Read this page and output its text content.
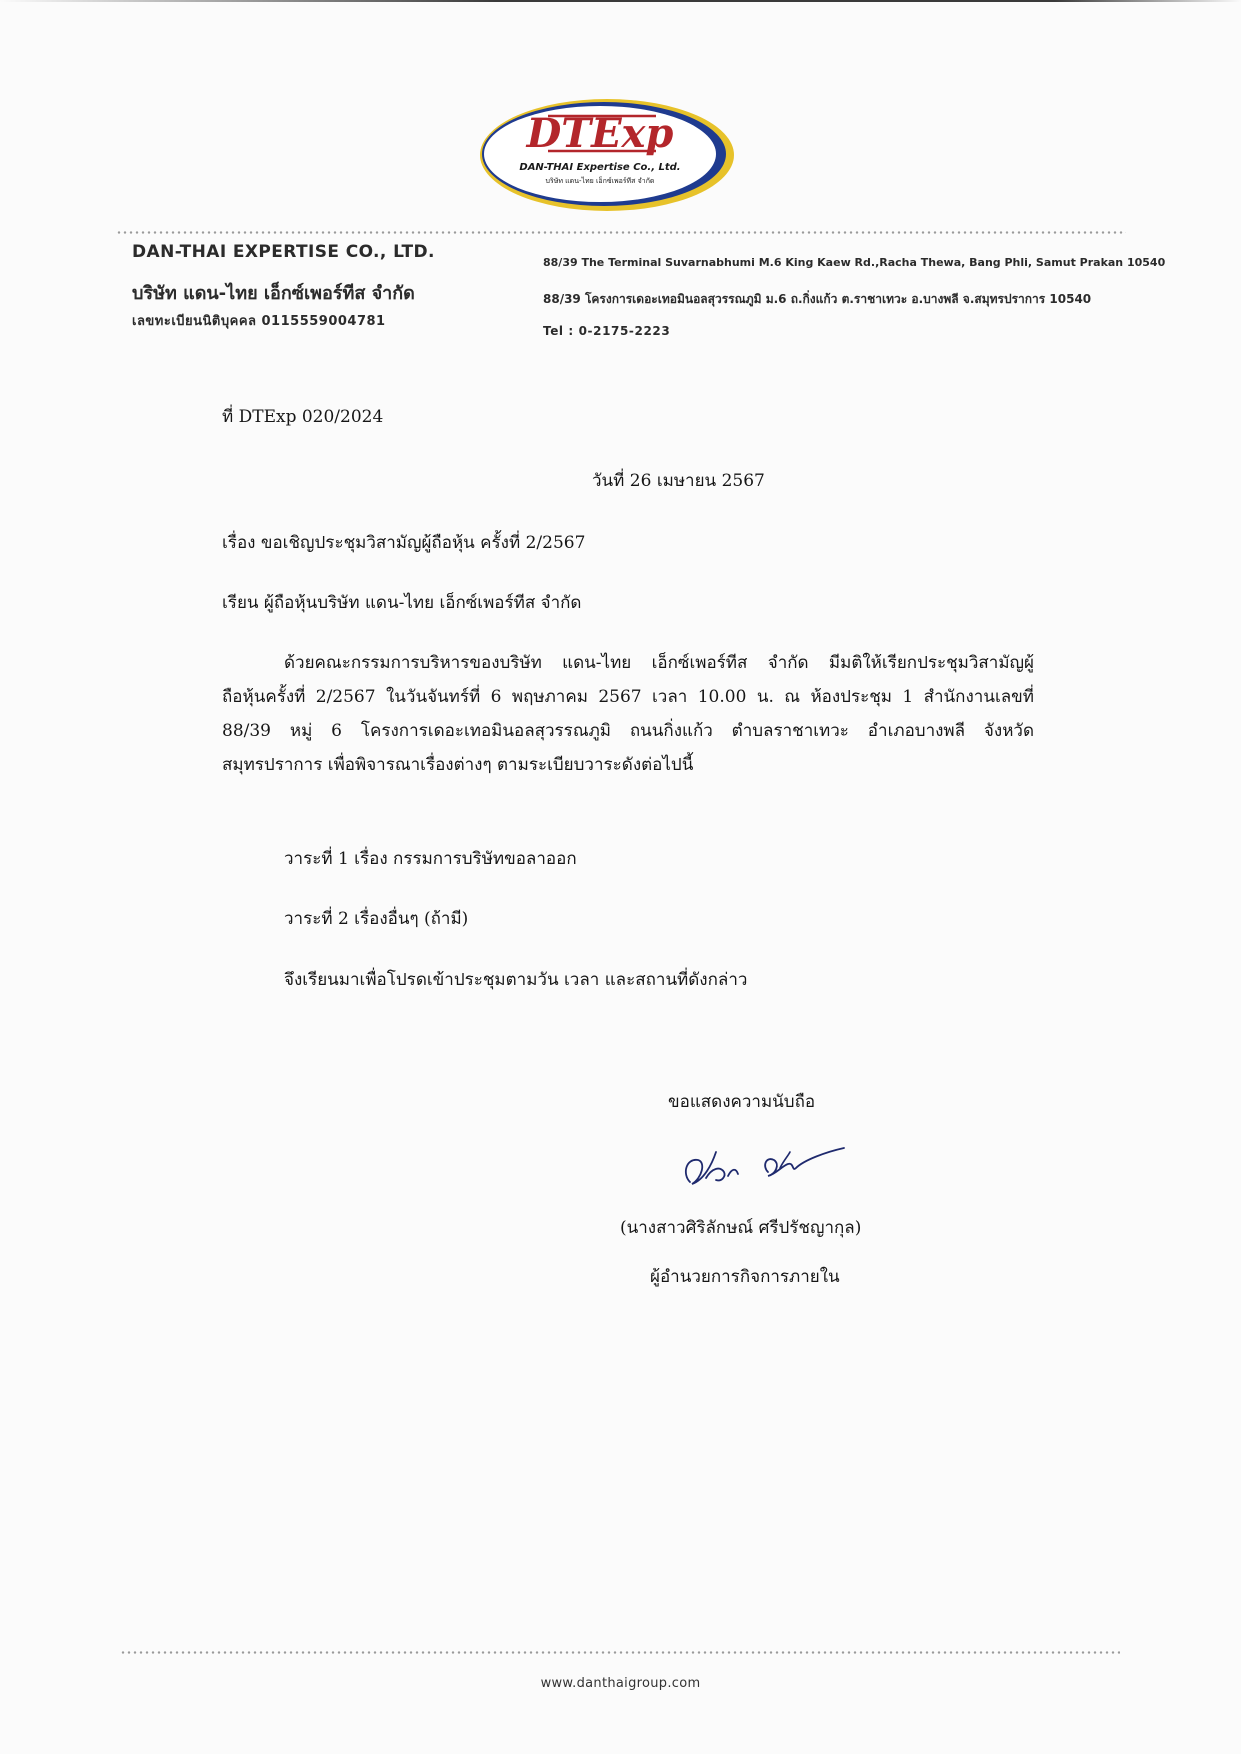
DTExp
DAN-THAI Expertise Co., Ltd.
บริษัท แดน-ไทย เอ็กซ์เพอร์ทีส จำกัด
DAN-THAI EXPERTISE CO., LTD.
บริษัท แดน-ไทย เอ็กซ์เพอร์ทีส จำกัด
เลขทะเบียนนิติบุคคล 0115559004781
88/39 The Terminal Suvarnabhumi M.6 King Kaew Rd.,Racha Thewa, Bang Phli, Samut Prakan 10540
88/39 โครงการเดอะเทอมินอลสุวรรณภูมิ ม.6 ถ.กิ่งแก้ว ต.ราชาเทวะ อ.บางพลี จ.สมุทรปราการ 10540
Tel : 0-2175-2223
ที่ DTExp 020/2024
วันที่ 26 เมษายน 2567
เรื่อง ขอเชิญประชุมวิสามัญผู้ถือหุ้น ครั้งที่ 2/2567
เรียน ผู้ถือหุ้นบริษัท แดน-ไทย เอ็กซ์เพอร์ทีส จำกัด
ด้วยคณะกรรมการบริหารของบริษัท แดน-ไทย เอ็กซ์เพอร์ทีส จำกัด มีมติให้เรียกประชุมวิสามัญผู้
ถือหุ้นครั้งที่ 2/2567 ในวันจันทร์ที่ 6 พฤษภาคม 2567 เวลา 10.00 น. ณ ห้องประชุม 1 สำนักงานเลขที่
88/39 หมู่ 6 โครงการเดอะเทอมินอลสุวรรณภูมิ ถนนกิ่งแก้ว ตำบลราชาเทวะ อำเภอบางพลี จังหวัด
สมุทรปราการ เพื่อพิจารณาเรื่องต่างๆ ตามระเบียบวาระดังต่อไปนี้
วาระที่ 1 เรื่อง กรรมการบริษัทขอลาออก
วาระที่ 2 เรื่องอื่นๆ (ถ้ามี)
จึงเรียนมาเพื่อโปรดเข้าประชุมตามวัน เวลา และสถานที่ดังกล่าว
ขอแสดงความนับถือ
(นางสาวศิริลักษณ์ ศรีปรัชญากุล)
ผู้อำนวยการกิจการภายใน
www.danthaigroup.com
